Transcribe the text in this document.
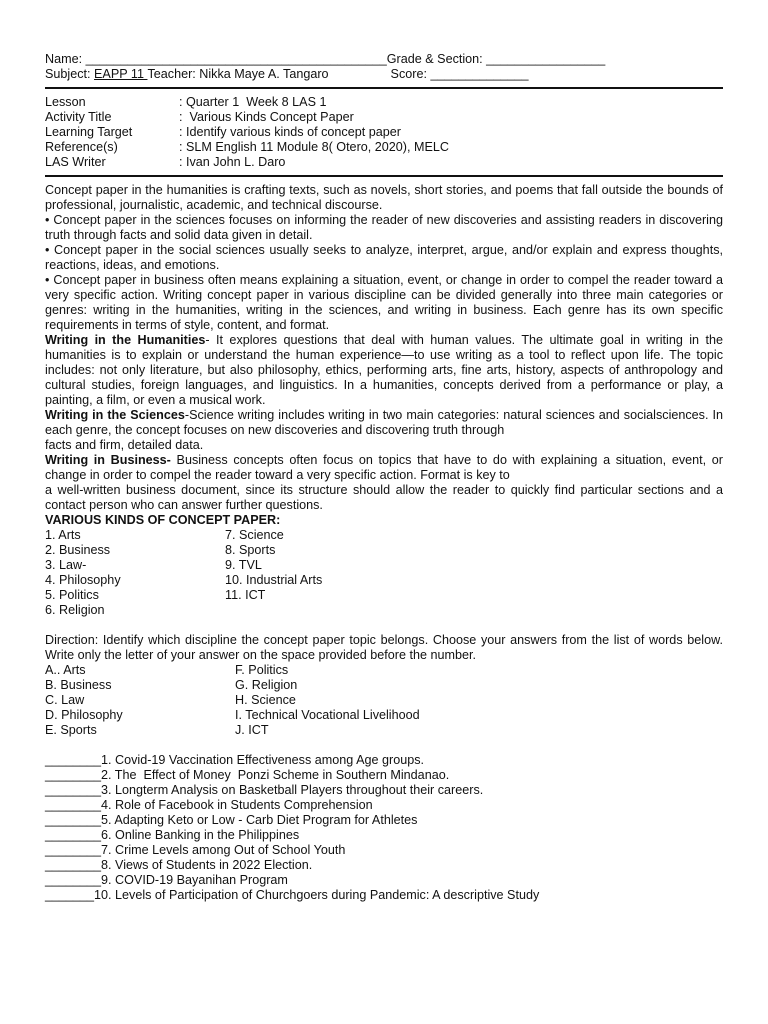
Name: ___________________________________________Grade & Section: _________________
Subject: EAPP 11 Teacher: Nikka Maye A. Tangaro	Score: ______________
Lesson	: Quarter 1  Week 8 LAS 1
Activity Title	:  Various Kinds Concept Paper
Learning Target	: Identify various kinds of concept paper
Reference(s)	: SLM English 11 Module 8( Otero, 2020), MELC
LAS Writer	: Ivan John L. Daro
Concept paper in the humanities is crafting texts, such as novels, short stories, and poems that fall outside the bounds of professional, journalistic, academic, and technical discourse.
• Concept paper in the sciences focuses on informing the reader of new discoveries and assisting readers in discovering truth through facts and solid data given in detail.
• Concept paper in the social sciences usually seeks to analyze, interpret, argue, and/or explain and express thoughts, reactions, ideas, and emotions.
• Concept paper in business often means explaining a situation, event, or change in order to compel the reader toward a very specific action. Writing concept paper in various discipline can be divided generally into three main categories or genres: writing in the humanities, writing in the sciences, and writing in business. Each genre has its own specific requirements in terms of style, content, and format.
Writing in the Humanities- It explores questions that deal with human values. The ultimate goal in writing in the humanities is to explain or understand the human experience—to use writing as a tool to reflect upon life. The topic includes: not only literature, but also philosophy, ethics, performing arts, fine arts, history, aspects of anthropology and cultural studies, foreign languages, and linguistics. In a humanities, concepts derived from a performance or play, a painting, a film, or even a musical work.
Writing in the Sciences-Science writing includes writing in two main categories: natural sciences and socialsciences. In each genre, the concept focuses on new discoveries and discovering truth through
facts and firm, detailed data.
Writing in Business- Business concepts often focus on topics that have to do with explaining a situation, event, or change in order to compel the reader toward a very specific action. Format is key to
a well-written business document, since its structure should allow the reader to quickly find particular sections and a contact person who can answer further questions.
VARIOUS KINDS OF CONCEPT PAPER:
1. Arts	7. Science
2. Business	8. Sports
3. Law-	9. TVL
4. Philosophy	10. Industrial Arts
5. Politics	11. ICT
6. Religion
Direction: Identify which discipline the concept paper topic belongs. Choose your answers from the list of words below. Write only the letter of your answer on the space provided before the number.
A.. Arts	F. Politics
B. Business	G. Religion
C. Law	H. Science
D. Philosophy	I. Technical Vocational Livelihood
E. Sports	J. ICT
________1. Covid-19 Vaccination Effectiveness among Age groups.
________2. The  Effect of Money  Ponzi Scheme in Southern Mindanao.
________3. Longterm Analysis on Basketball Players throughout their careers.
________4. Role of Facebook in Students Comprehension
________5. Adapting Keto or Low - Carb Diet Program for Athletes
________6. Online Banking in the Philippines
________7. Crime Levels among Out of School Youth
________8. Views of Students in 2022 Election.
________9. COVID-19 Bayanihan Program
_______10. Levels of Participation of Churchgoers during Pandemic: A descriptive Study
